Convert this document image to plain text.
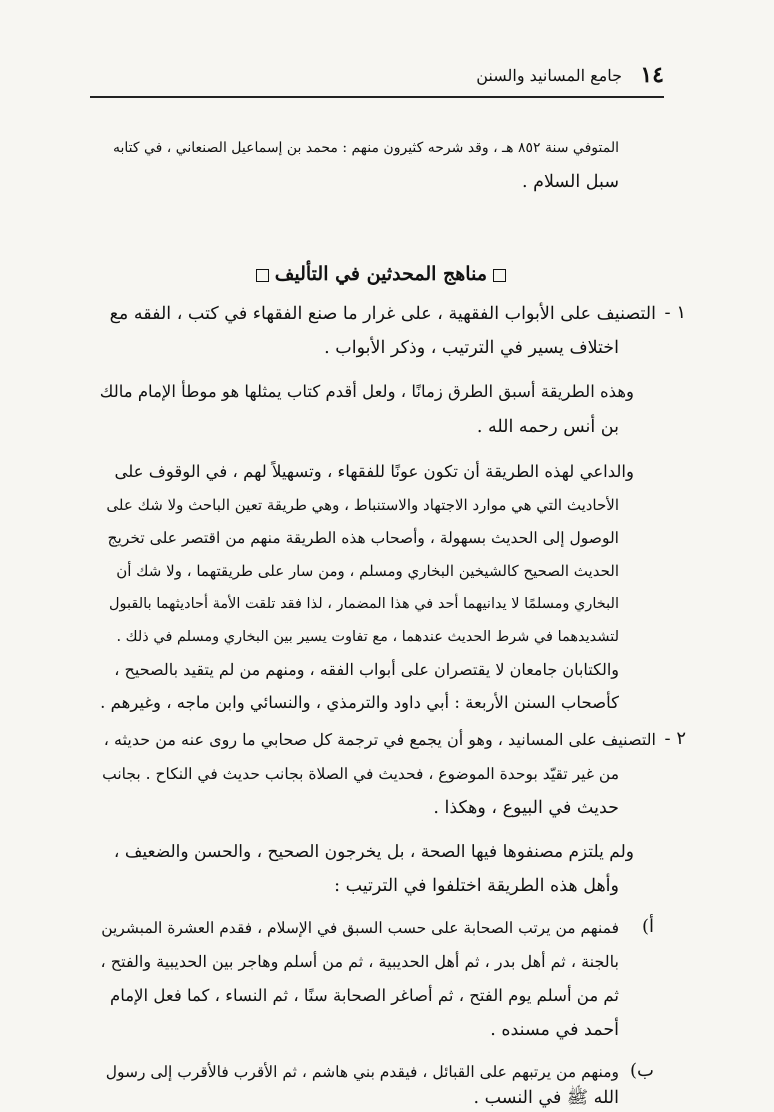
١٤
جامع المسانيد والسنن
المتوفي سنة ٨٥٢ هـ ، وقد شرحه كثيرون منهم : محمد بن إسماعيل الصنعاني ، في كتابه
سبل السلام .
مناهج المحدثين في التأليف
١ -
التصنيف على الأبواب الفقهية ، على غرار ما صنع الفقهاء في كتب ، الفقه مع
اختلاف يسير في الترتيب ، وذكر الأبواب .
وهذه الطريقة أسبق الطرق زمانًا ، ولعل أقدم كتاب يمثلها هو موطأ الإمام مالك
بن أنس رحمه الله .
والداعي لهذه الطريقة أن تكون عونًا للفقهاء ، وتسهيلاً لهم ، في الوقوف على
الأحاديث التي هي موارد الاجتهاد والاستنباط ، وهي طريقة تعين الباحث ولا شك على
الوصول إلى الحديث بسهولة ، وأصحاب هذه الطريقة منهم من اقتصر على تخريج
الحديث الصحيح كالشيخين البخاري ومسلم ، ومن سار على طريقتهما ، ولا شك أن
البخاري ومسلمًا لا يدانيهما أحد في هذا المضمار ، لذا فقد تلقت الأمة أحاديثهما بالقبول
لتشديدهما في شرط الحديث عندهما ، مع تفاوت يسير بين البخاري ومسلم في ذلك .
والكتابان جامعان لا يقتصران على أبواب الفقه ، ومنهم من لم يتقيد بالصحيح ،
كأصحاب السنن الأربعة : أبي داود والترمذي ، والنسائي وابن ماجه ، وغيرهم .
٢ -
التصنيف على المسانيد ، وهو أن يجمع في ترجمة كل صحابي ما روى عنه من حديثه ،
من غير تقيّد بوحدة الموضوع ، فحديث في الصلاة بجانب حديث في النكاح . بجانب
حديث في البيوع ، وهكذا .
ولم يلتزم مصنفوها فيها الصحة ، بل يخرجون الصحيح ، والحسن والضعيف ،
وأهل هذه الطريقة اختلفوا في الترتيب :
أ)
فمنهم من يرتب الصحابة على حسب السبق في الإسلام ، فقدم العشرة المبشرين
بالجنة ، ثم أهل بدر ، ثم أهل الحديبية ، ثم من أسلم وهاجر بين الحديبية والفتح ،
ثم من أسلم يوم الفتح ، ثم أصاغر الصحابة سنًا ، ثم النساء ، كما فعل الإمام
أحمد في مسنده .
ب)
ومنهم من يرتبهم على القبائل ، فيقدم بني هاشم ، ثم الأقرب فالأقرب إلى رسول
الله ﷺ في النسب .
